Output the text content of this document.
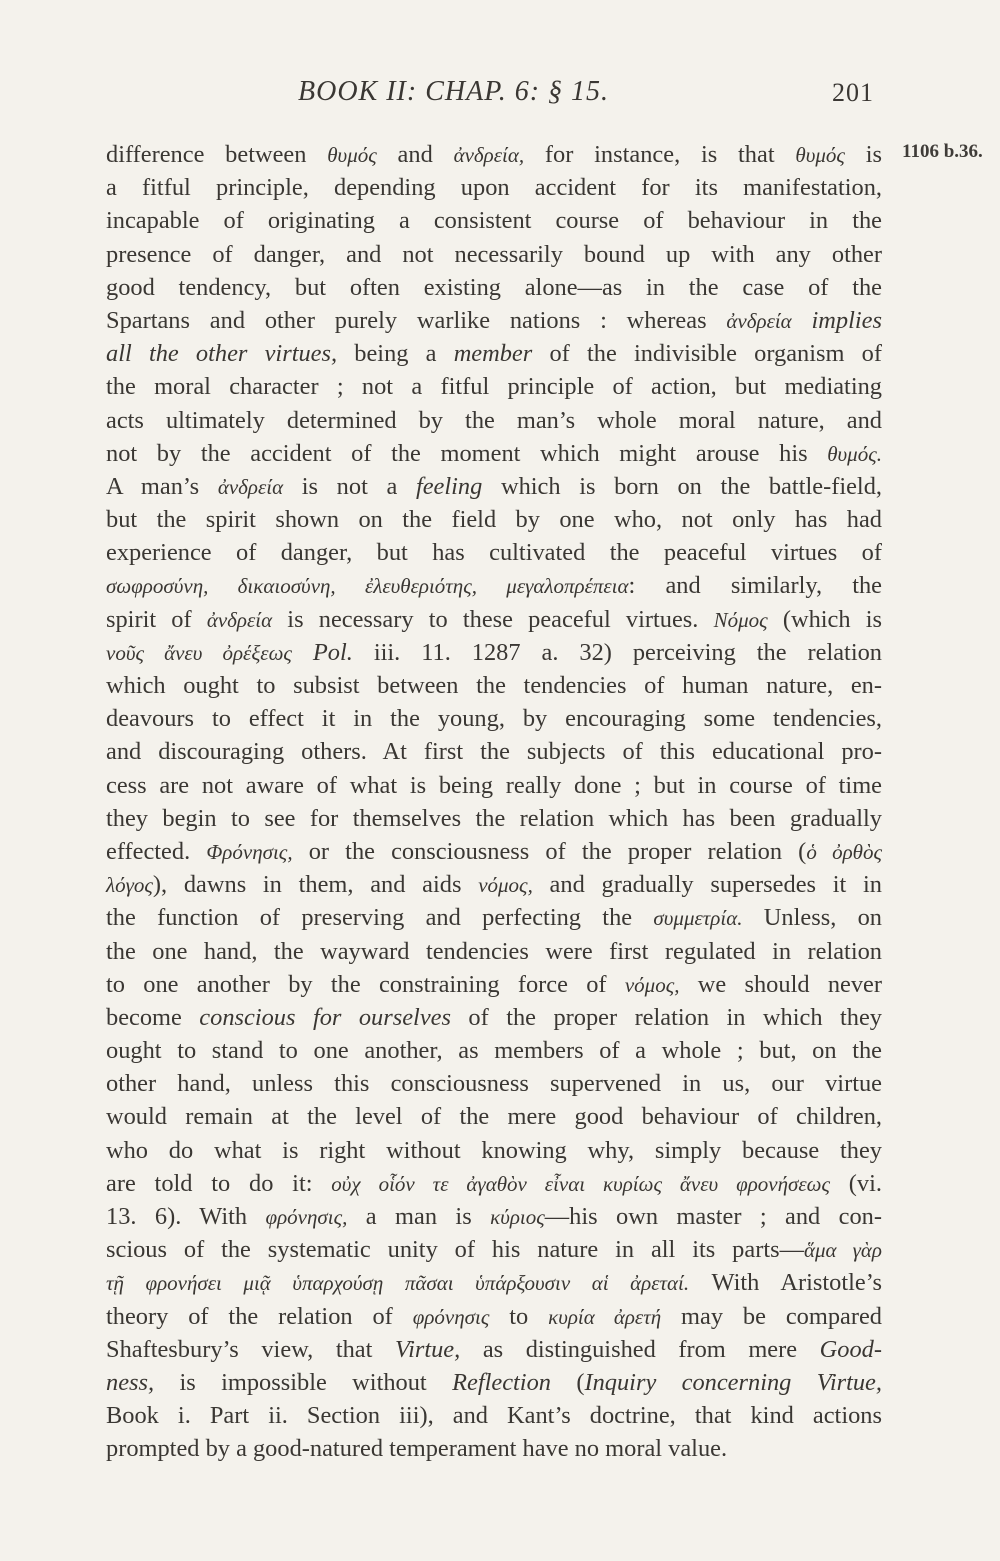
BOOK II: CHAP. 6: § 15.	201
1106 b.36.
difference between θυμός and ἀνδρεία, for instance, is that θυμός is
a fitful principle, depending upon accident for its manifestation,
incapable of originating a consistent course of behaviour in the
presence of danger, and not necessarily bound up with any other
good tendency, but often existing alone—as in the case of the
Spartans and other purely warlike nations : whereas ἀνδρεία implies
all the other virtues, being a member of the indivisible organism of
the moral character ; not a fitful principle of action, but mediating
acts ultimately determined by the man’s whole moral nature, and
not by the accident of the moment which might arouse his θυμός.
A man’s ἀνδρεία is not a feeling which is born on the battle-field,
but the spirit shown on the field by one who, not only has had
experience of danger, but has cultivated the peaceful virtues of
σωφροσύνη, δικαιοσύνη, ἐλευθεριότης, μεγαλοπρέπεια: and similarly, the
spirit of ἀνδρεία is necessary to these peaceful virtues. Νόμος (which is
νοῦς ἄνευ ὀρέξεως Pol. iii. 11. 1287 a. 32) perceiving the relation
which ought to subsist between the tendencies of human nature, en-
deavours to effect it in the young, by encouraging some tendencies,
and discouraging others. At first the subjects of this educational pro-
cess are not aware of what is being really done ; but in course of time
they begin to see for themselves the relation which has been gradually
effected. Φρόνησις, or the consciousness of the proper relation (ὁ ὀρθὸς
λόγος), dawns in them, and aids νόμος, and gradually supersedes it in
the function of preserving and perfecting the συμμετρία. Unless, on
the one hand, the wayward tendencies were first regulated in relation
to one another by the constraining force of νόμος, we should never
become conscious for ourselves of the proper relation in which they
ought to stand to one another, as members of a whole ; but, on the
other hand, unless this consciousness supervened in us, our virtue
would remain at the level of the mere good behaviour of children,
who do what is right without knowing why, simply because they
are told to do it: οὐχ οἷόν τε ἀγαθὸν εἶναι κυρίως ἄνευ φρονήσεως (vi.
13. 6). With φρόνησις, a man is κύριος—his own master ; and con-
scious of the systematic unity of his nature in all its parts—ἅμα γὰρ
τῇ φρονήσει μιᾷ ὑπαρχούσῃ πᾶσαι ὑπάρξουσιν αἱ ἀρεταί. With Aristotle’s
theory of the relation of φρόνησις to κυρία ἀρετή may be compared
Shaftesbury’s view, that Virtue, as distinguished from mere Good-
ness, is impossible without Reflection (Inquiry concerning Virtue,
Book i. Part ii. Section iii), and Kant’s doctrine, that kind actions
prompted by a good-natured temperament have no moral value.
